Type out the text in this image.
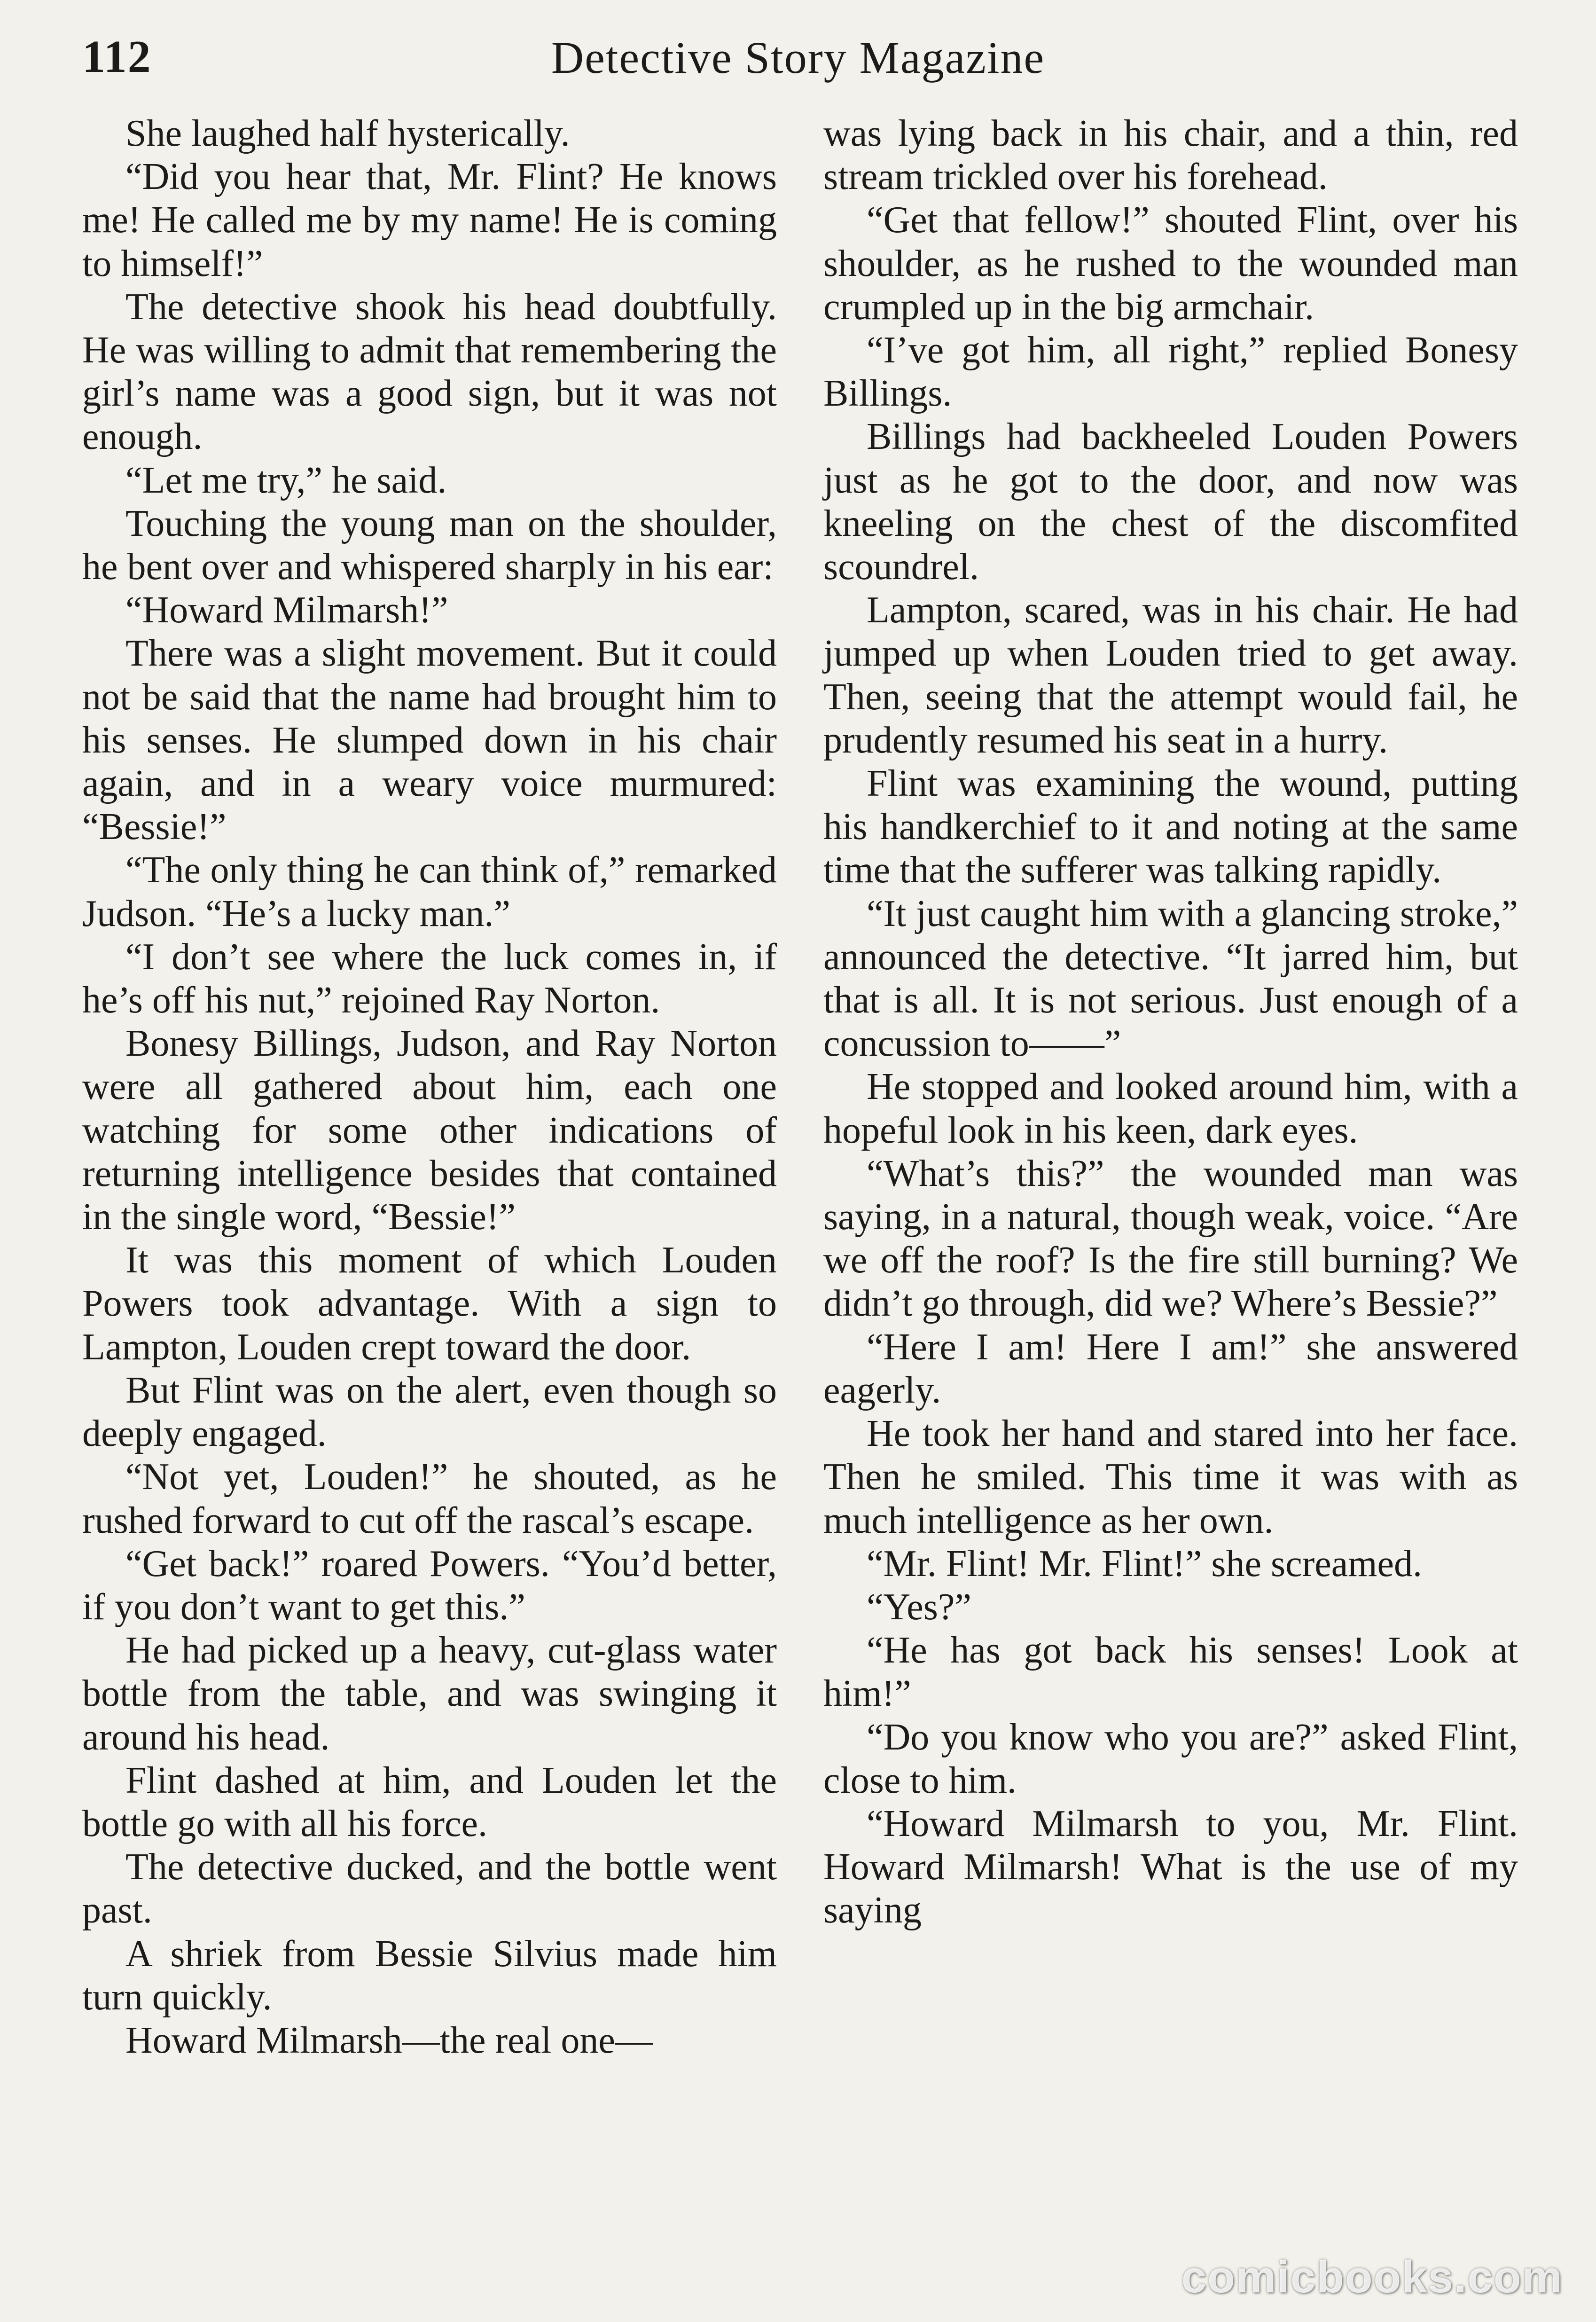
112	Detective Story Magazine

She laughed half hysterically.

“Did you hear that, Mr. Flint? He knows me! He called me by my name! He is coming to himself!”

The detective shook his head doubtfully. He was willing to admit that remembering the girl’s name was a good sign, but it was not enough.

“Let me try,” he said.

Touching the young man on the shoulder, he bent over and whispered sharply in his ear:

“Howard Milmarsh!”

There was a slight movement. But it could not be said that the name had brought him to his senses. He slumped down in his chair again, and in a weary voice murmured: “Bessie!”

“The only thing he can think of,” remarked Judson. “He’s a lucky man.”

“I don’t see where the luck comes in, if he’s off his nut,” rejoined Ray Norton.

Bonesy Billings, Judson, and Ray Norton were all gathered about him, each one watching for some other indications of returning intelligence besides that contained in the single word, “Bessie!”

It was this moment of which Louden Powers took advantage. With a sign to Lampton, Louden crept toward the door.

But Flint was on the alert, even though so deeply engaged.

“Not yet, Louden!” he shouted, as he rushed forward to cut off the rascal’s escape.

“Get back!” roared Powers. “You’d better, if you don’t want to get this.”

He had picked up a heavy, cut-glass water bottle from the table, and was swinging it around his head.

Flint dashed at him, and Louden let the bottle go with all his force.

The detective ducked, and the bottle went past.

A shriek from Bessie Silvius made him turn quickly.

Howard Milmarsh—the real one—

was lying back in his chair, and a thin, red stream trickled over his forehead.

“Get that fellow!” shouted Flint, over his shoulder, as he rushed to the wounded man crumpled up in the big armchair.

“I’ve got him, all right,” replied Bonesy Billings.

Billings had backheeled Louden Powers just as he got to the door, and now was kneeling on the chest of the discomfited scoundrel.

Lampton, scared, was in his chair. He had jumped up when Louden tried to get away. Then, seeing that the attempt would fail, he prudently resumed his seat in a hurry.

Flint was examining the wound, putting his handkerchief to it and noting at the same time that the sufferer was talking rapidly.

“It just caught him with a glancing stroke,” announced the detective. “It jarred him, but that is all. It is not serious. Just enough of a concussion to——”

He stopped and looked around him, with a hopeful look in his keen, dark eyes.

“What’s this?” the wounded man was saying, in a natural, though weak, voice. “Are we off the roof? Is the fire still burning? We didn’t go through, did we? Where’s Bessie?”

“Here I am! Here I am!” she answered eagerly.

He took her hand and stared into her face. Then he smiled. This time it was with as much intelligence as her own.

“Mr. Flint! Mr. Flint!” she screamed.

“Yes?”

“He has got back his senses! Look at him!”

“Do you know who you are?” asked Flint, close to him.

“Howard Milmarsh to you, Mr. Flint. Howard Milmarsh! What is the use of my saying

comicbooks.com
